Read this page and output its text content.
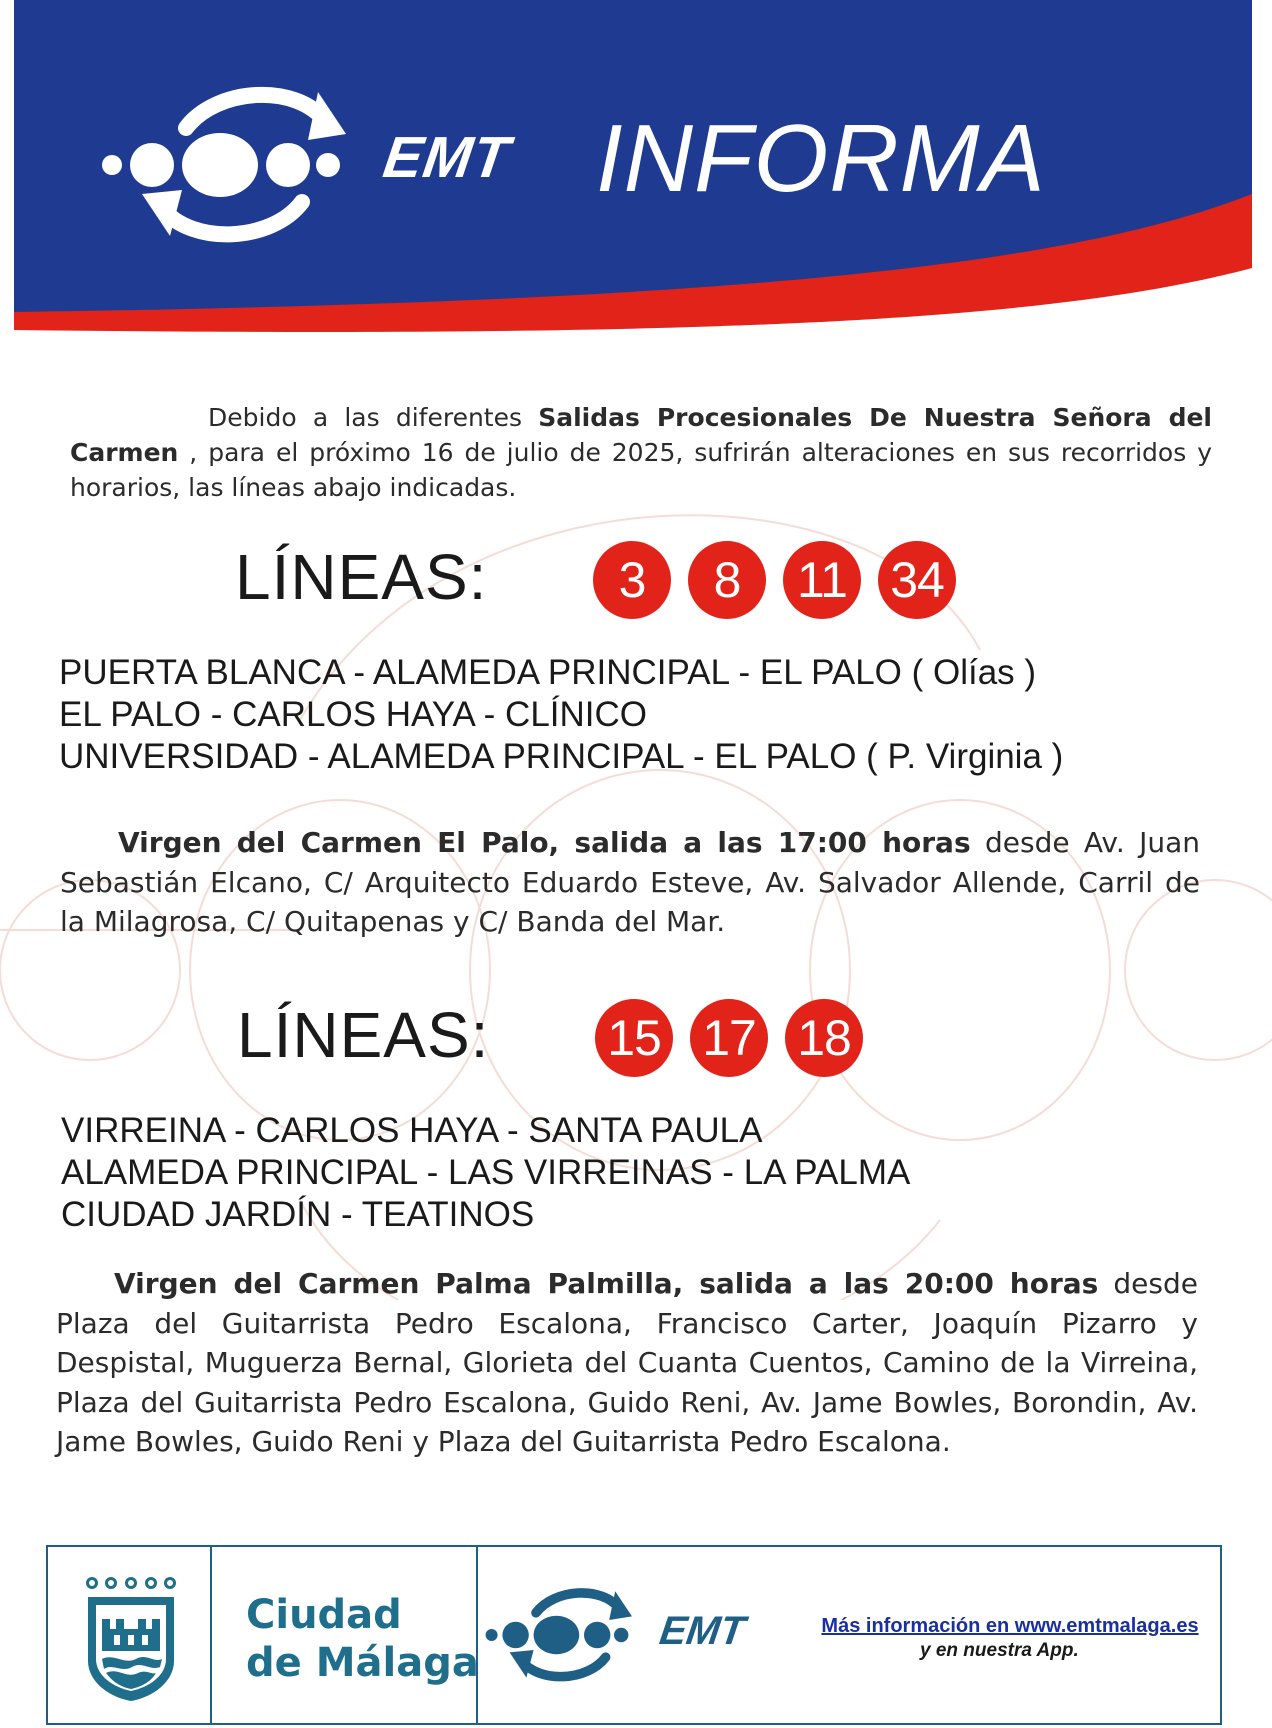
EMT INFORMA
Debido a las diferentes Salidas Procesionales De Nuestra Señora del Carmen , para el próximo 16 de julio de 2025, sufrirán alteraciones en sus recorridos y horarios, las líneas abajo indicadas.
LÍNEAS:	3	8	11 34
PUERTA BLANCA - ALAMEDA PRINCIPAL - EL PALO ( Olías )
EL PALO - CARLOS HAYA - CLÍNICO
UNIVERSIDAD - ALAMEDA PRINCIPAL - EL PALO ( P. Virginia )
Virgen del Carmen El Palo, salida a las 17:00 horas desde Av. Juan Sebastián Elcano, C/ Arquitecto Eduardo Esteve, Av. Salvador Allende, Carril de la Milagrosa, C/ Quitapenas y C/ Banda del Mar.
LÍNEAS: 15 17 18
VIRREINA - CARLOS HAYA - SANTA PAULA
ALAMEDA PRINCIPAL - LAS VIRREINAS - LA PALMA
CIUDAD JARDÍN - TEATINOS
Virgen del Carmen Palma Palmilla, salida a las 20:00 horas desde Plaza del Guitarrista Pedro Escalona, Francisco Carter, Joaquín Pizarro y Despistal, Muguerza Bernal, Glorieta del Cuanta Cuentos, Camino de la Virreina, Plaza del Guitarrista Pedro Escalona, Guido Reni, Av. Jame Bowles, Borondin, Av. Jame Bowles, Guido Reni y Plaza del Guitarrista Pedro Escalona.
✦ ✦ ✦ Ciudad
de Málaga
EMT	Más información en www.emtmalaga.es
y en nuestra App.
